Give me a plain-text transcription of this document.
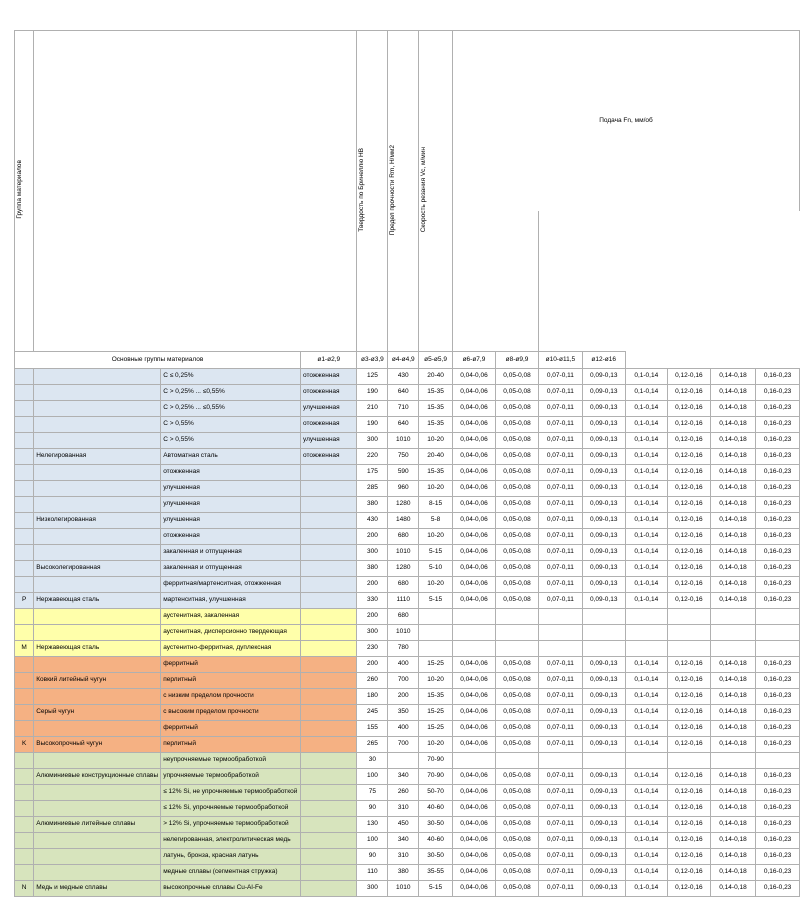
Группа материалов				Твердость по Бринеллю HB	Предел прочности Rm, Н/мм2	Скорость резания Vc, м/мин	Подача Fn, мм/об							

Основные группы материалов			ø1-ø2,9	ø3-ø3,9	ø4-ø4,9	ø5-ø5,9	ø6-ø7,9	ø8-ø9,9	ø10-ø11,5	ø12-ø16				
		C ≤ 0,25%	отожженная	125	430	20-40	0,04-0,06	0,05-0,08	0,07-0,11	0,09-0,13	0,1-0,14	0,12-0,16	0,14-0,18	0,16-0,23
		C > 0,25% ... ≤0,55%	отожженная	190	640	15-35	0,04-0,06	0,05-0,08	0,07-0,11	0,09-0,13	0,1-0,14	0,12-0,16	0,14-0,18	0,16-0,23
		C > 0,25% ... ≤0,55%	улучшенная	210	710	15-35	0,04-0,06	0,05-0,08	0,07-0,11	0,09-0,13	0,1-0,14	0,12-0,16	0,14-0,18	0,16-0,23
		C > 0,55%	отожженная	190	640	15-35	0,04-0,06	0,05-0,08	0,07-0,11	0,09-0,13	0,1-0,14	0,12-0,16	0,14-0,18	0,16-0,23
		C > 0,55%	улучшенная	300	1010	10-20	0,04-0,06	0,05-0,08	0,07-0,11	0,09-0,13	0,1-0,14	0,12-0,16	0,14-0,18	0,16-0,23
	Нелегированная	Автоматная сталь	отожженная	220	750	20-40	0,04-0,06	0,05-0,08	0,07-0,11	0,09-0,13	0,1-0,14	0,12-0,16	0,14-0,18	0,16-0,23
		отожженная		175	590	15-35	0,04-0,06	0,05-0,08	0,07-0,11	0,09-0,13	0,1-0,14	0,12-0,16	0,14-0,18	0,16-0,23
		улучшенная		285	960	10-20	0,04-0,06	0,05-0,08	0,07-0,11	0,09-0,13	0,1-0,14	0,12-0,16	0,14-0,18	0,16-0,23
		улучшенная		380	1280	8-15	0,04-0,06	0,05-0,08	0,07-0,11	0,09-0,13	0,1-0,14	0,12-0,16	0,14-0,18	0,16-0,23
	Низколегированная	улучшенная		430	1480	5-8	0,04-0,06	0,05-0,08	0,07-0,11	0,09-0,13	0,1-0,14	0,12-0,16	0,14-0,18	0,16-0,23
		отожженная		200	680	10-20	0,04-0,06	0,05-0,08	0,07-0,11	0,09-0,13	0,1-0,14	0,12-0,16	0,14-0,18	0,16-0,23
		закаленная и отпущенная		300	1010	5-15	0,04-0,06	0,05-0,08	0,07-0,11	0,09-0,13	0,1-0,14	0,12-0,16	0,14-0,18	0,16-0,23
	Высоколегированная	закаленная и отпущенная		380	1280	5-10	0,04-0,06	0,05-0,08	0,07-0,11	0,09-0,13	0,1-0,14	0,12-0,16	0,14-0,18	0,16-0,23
		ферритная/мартенситная, отожженная		200	680	10-20	0,04-0,06	0,05-0,08	0,07-0,11	0,09-0,13	0,1-0,14	0,12-0,16	0,14-0,18	0,16-0,23
P	Нержавеющая сталь	мартенситная, улучшенная		330	1110	5-15	0,04-0,06	0,05-0,08	0,07-0,11	0,09-0,13	0,1-0,14	0,12-0,16	0,14-0,18	0,16-0,23
		аустенитная, закаленная		200	680									
		аустенитная, дисперсионно твердеющая		300	1010									
M	Нержавеющая сталь	аустенитно-ферритная, дуплексная		230	780									
		ферритный		200	400	15-25	0,04-0,06	0,05-0,08	0,07-0,11	0,09-0,13	0,1-0,14	0,12-0,16	0,14-0,18	0,16-0,23
	Ковкий литейный чугун	перлитный		260	700	10-20	0,04-0,06	0,05-0,08	0,07-0,11	0,09-0,13	0,1-0,14	0,12-0,16	0,14-0,18	0,16-0,23
		с низким пределом прочности		180	200	15-35	0,04-0,06	0,05-0,08	0,07-0,11	0,09-0,13	0,1-0,14	0,12-0,16	0,14-0,18	0,16-0,23
	Серый чугун	с высоким пределом прочности		245	350	15-25	0,04-0,06	0,05-0,08	0,07-0,11	0,09-0,13	0,1-0,14	0,12-0,16	0,14-0,18	0,16-0,23
		ферритный		155	400	15-25	0,04-0,06	0,05-0,08	0,07-0,11	0,09-0,13	0,1-0,14	0,12-0,16	0,14-0,18	0,16-0,23
K	Высокопрочный чугун	перлитный		265	700	10-20	0,04-0,06	0,05-0,08	0,07-0,11	0,09-0,13	0,1-0,14	0,12-0,16	0,14-0,18	0,16-0,23
		неупрочняемые термообработкой		30		70-90								
	Алюминиевые конструкционные сплавы	упрочняемые термообработкой		100	340	70-90	0,04-0,06	0,05-0,08	0,07-0,11	0,09-0,13	0,1-0,14	0,12-0,16	0,14-0,18	0,16-0,23
		≤ 12% Si, не упрочняемые термообработкой		75	260	50-70	0,04-0,06	0,05-0,08	0,07-0,11	0,09-0,13	0,1-0,14	0,12-0,16	0,14-0,18	0,16-0,23
		≤ 12% Si, упрочняемые термообработкой		90	310	40-60	0,04-0,06	0,05-0,08	0,07-0,11	0,09-0,13	0,1-0,14	0,12-0,16	0,14-0,18	0,16-0,23
	Алюминиевые литейные сплавы	> 12% Si, упрочняемые термообработкой		130	450	30-50	0,04-0,06	0,05-0,08	0,07-0,11	0,09-0,13	0,1-0,14	0,12-0,16	0,14-0,18	0,16-0,23
		нелегированная, электролитическая медь		100	340	40-60	0,04-0,06	0,05-0,08	0,07-0,11	0,09-0,13	0,1-0,14	0,12-0,16	0,14-0,18	0,16-0,23
		латунь, бронза, красная латунь		90	310	30-50	0,04-0,06	0,05-0,08	0,07-0,11	0,09-0,13	0,1-0,14	0,12-0,16	0,14-0,18	0,16-0,23
		медные сплавы (сегментная стружка)		110	380	35-55	0,04-0,06	0,05-0,08	0,07-0,11	0,09-0,13	0,1-0,14	0,12-0,16	0,14-0,18	0,16-0,23
N	Медь и медные сплавы	высокопрочные сплавы Cu-Al-Fe		300	1010	5-15	0,04-0,06	0,05-0,08	0,07-0,11	0,09-0,13	0,1-0,14	0,12-0,16	0,14-0,18	0,16-0,23
